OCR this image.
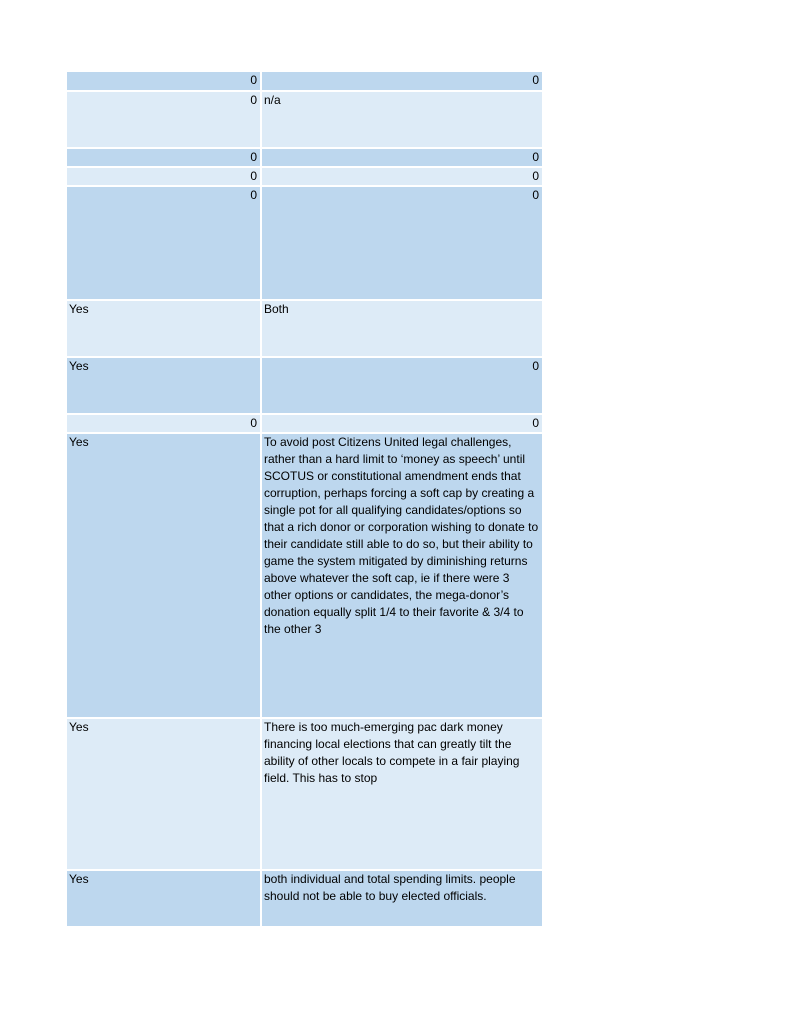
0	0
0	n/a
0	0
0	0
0	0
Yes	Both
Yes	0
0	0
Yes	To avoid post Citizens United legal challenges, rather than a hard limit to ‘money as speech’ until SCOTUS or constitutional amendment ends that corruption, perhaps forcing a soft cap by creating a single pot for all qualifying candidates/options so that a rich donor or corporation wishing to donate to their candidate still able to do so, but their ability to game the system mitigated by diminishing returns above whatever the soft cap, ie if there were 3 other options or candidates, the mega-donor’s donation equally split 1/4 to their favorite & 3/4 to the other 3
Yes	There is too much-emerging pac dark money financing local elections that can greatly tilt the ability of other locals to compete in a fair playing field. This has to stop
Yes	both individual and total spending limits. people should not be able to buy elected officials.
